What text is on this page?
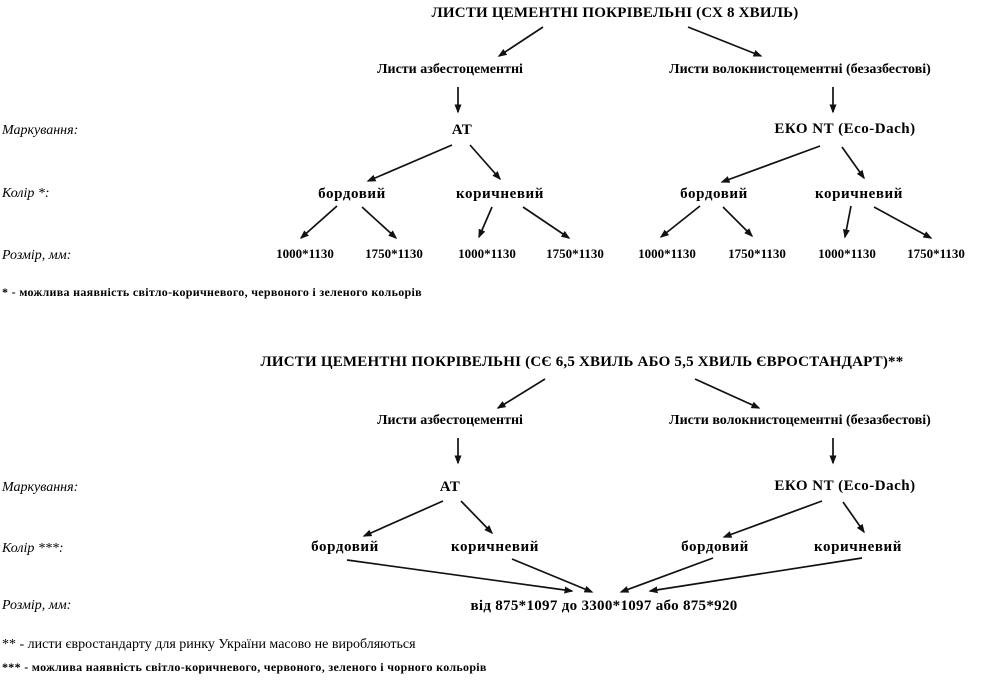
ЛИСТИ ЦЕМЕНТНІ ПОКРІВЕЛЬНІ (СХ 8 ХВИЛЬ)
Листи азбестоцементні	Листи волокнистоцементні (безазбестові)
Маркування:	АТ	ЕКО NT (Eco-Dach)
Колір *:	бордовий	коричневий	бордовий	коричневий
Розмір, мм:	1000*1130 1750*1130	1000*1130 1750*1130	1000*1130 1750*1130 1000*1130 1750*1130
* - можлива наявність світло-коричневого, червоного і зеленого кольорів
ЛИСТИ ЦЕМЕНТНІ ПОКРІВЕЛЬНІ (СЄ 6,5 ХВИЛЬ АБО 5,5 ХВИЛЬ ЄВРОСТАНДАРТ)**
Листи азбестоцементні	Листи волокнистоцементні (безазбестові)
Маркування:	АТ	ЕКО NT (Eco-Dach)
Колір ***:	бордовий	коричневий	бордовий	коричневий
Розмір, мм:	від 875*1097 до 3300*1097 або 875*920
** - листи євростандарту для ринку України масово не виробляються
*** - можлива наявність світло-коричневого, червоного, зеленого і чорного кольорів
